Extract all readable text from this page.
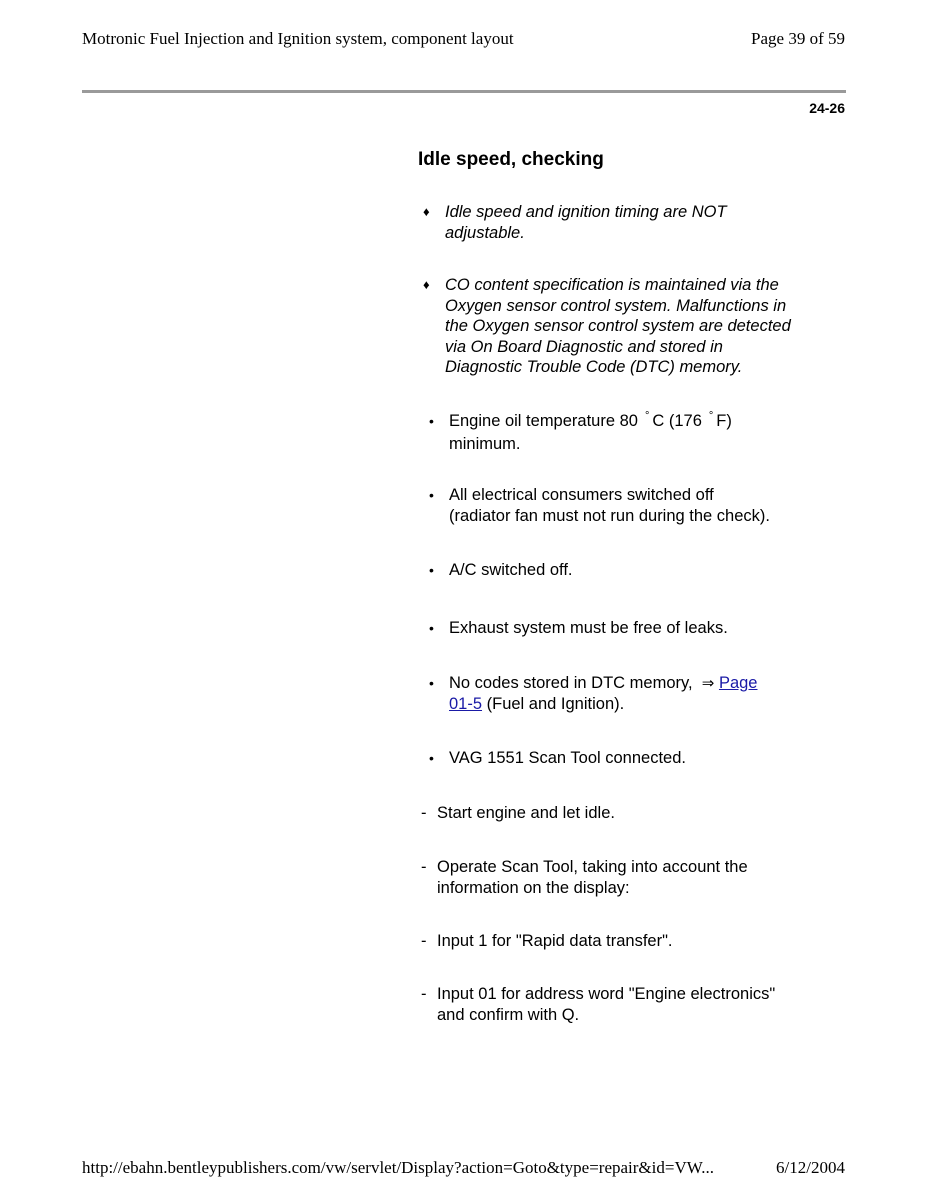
Motronic Fuel Injection and Ignition system, component layout	Page 39 of 59
24-26
Idle speed, checking
♦ Idle speed and ignition timing are NOT
adjustable.
♦ CO content specification is maintained via the
Oxygen sensor control system. Malfunctions in
the Oxygen sensor control system are detected
via On Board Diagnostic and stored in
Diagnostic Trouble Code (DTC) memory.
• Engine oil temperature 80 ° C (176 ° F)
minimum.
• All electrical consumers switched off
(radiator fan must not run during the check).
• A/C switched off.
• Exhaust system must be free of leaks.
• No codes stored in DTC memory, ⇒ Page
01-5 (Fuel and Ignition).
• VAG 1551 Scan Tool connected.
- Start engine and let idle.
- Operate Scan Tool, taking into account the
information on the display:
- Input 1 for "Rapid data transfer".
- Input 01 for address word "Engine electronics"
and confirm with Q.
http://ebahn.bentleypublishers.com/vw/servlet/Display?action=Goto&type=repair&id=VW...	6/12/2004
